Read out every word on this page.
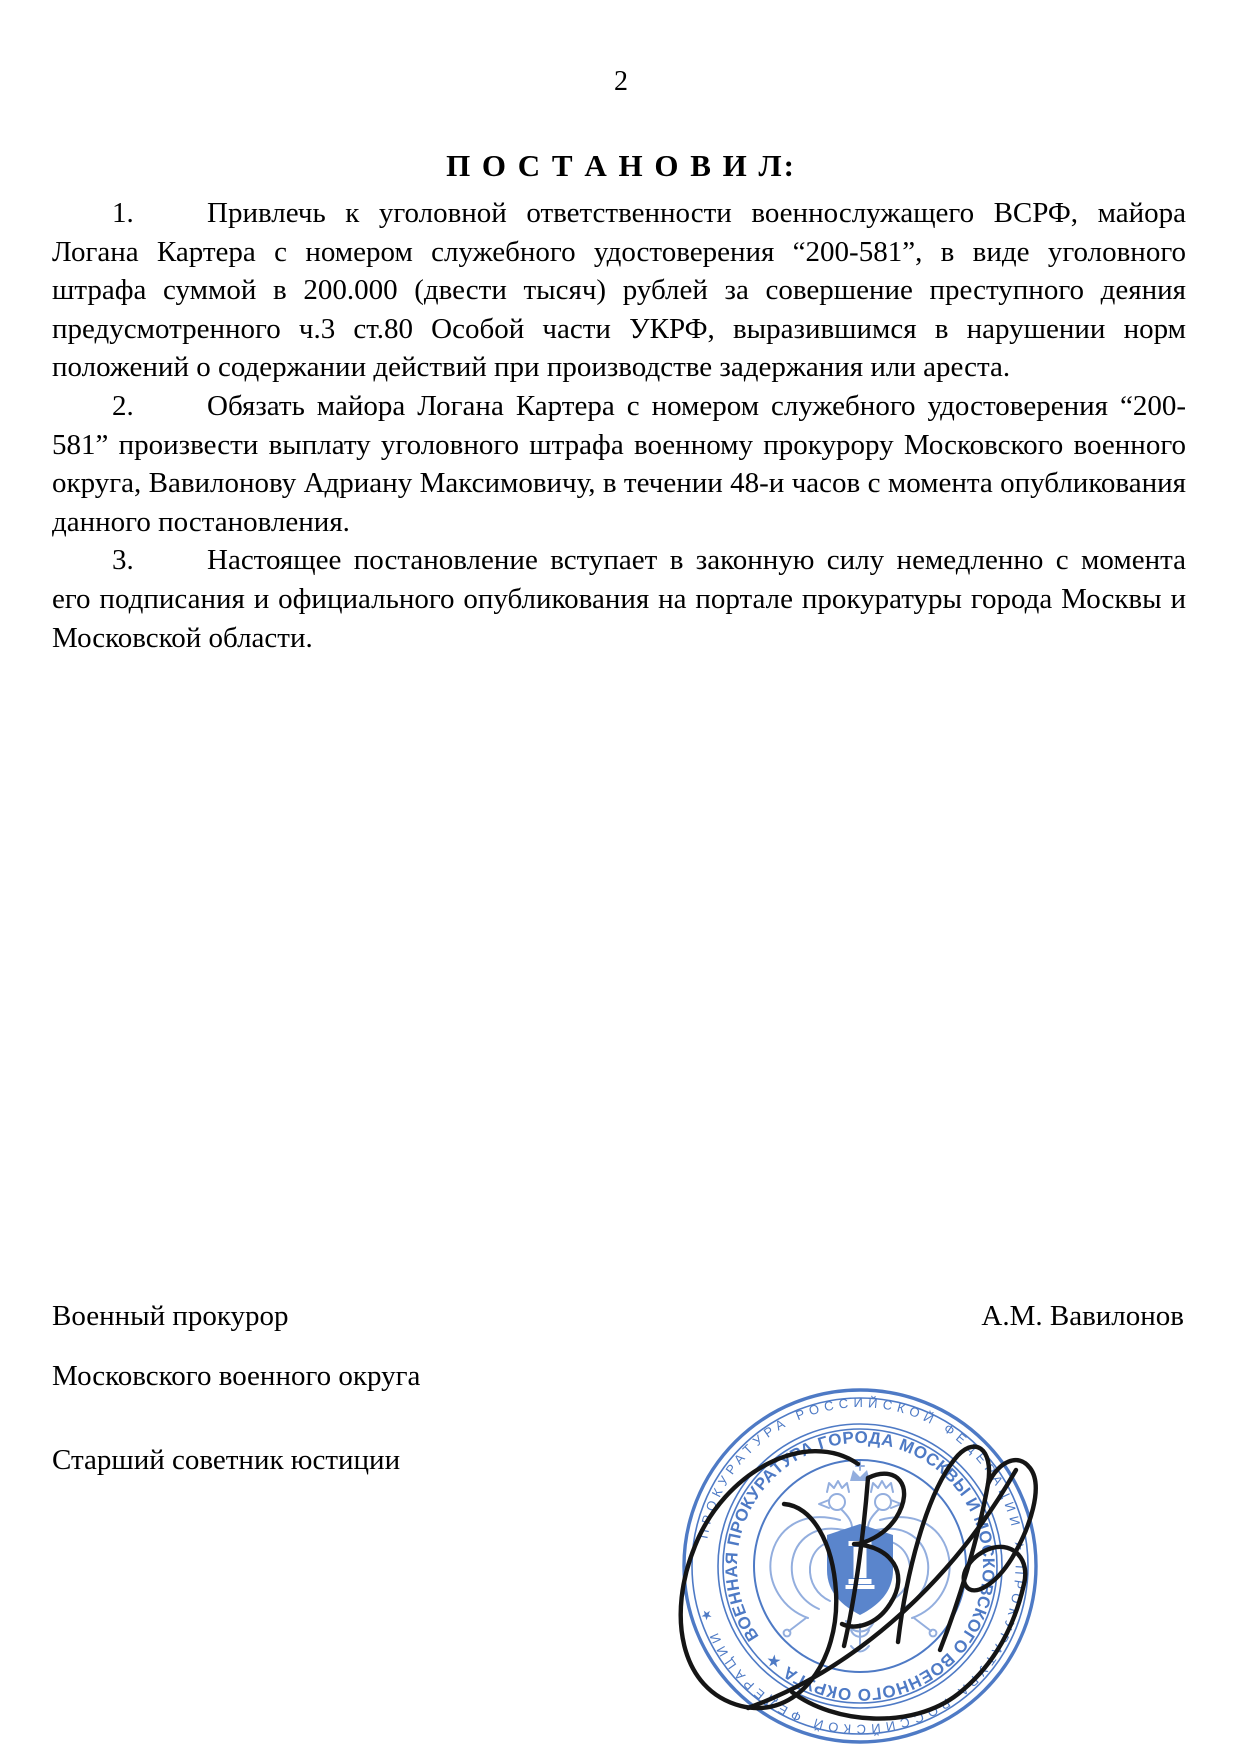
2
П О С Т А Н О В И Л:

1.	Привлечь к уголовной ответственности военнослужащего ВСРФ, майора Логана Картера с номером служебного удостоверения “200-581”, в виде уголовного штрафа суммой в 200.000 (двести тысяч) рублей за совершение преступного деяния предусмотренного ч.3 ст.80 Особой части УКРФ, выразившимся в нарушении норм положений о содержании действий при производстве задержания или ареста.

2.	Обязать майора Логана Картера с номером служебного удостоверения “200-581” произвести выплату уголовного штрафа военному прокурору Московского военного округа, Вавилонову Адриану Максимовичу, в течении 48-и часов с момента опубликования данного постановления.

3.	Настоящее постановление вступает в законную силу немедленно с момента его подписания и официального опубликования на портале прокуратуры города Москвы и Московской области.

Военный прокурор	А.М. Вавилонов
Московского военного округа
Старший советник юстиции
ПРОКУРАТУРА РОССИЙСКОЙ ФЕДЕРАЦИИ ★ ПРОКУРАТУРА РОССИЙСКОЙ ФЕДЕРАЦИИ ★
ВОЕННАЯ ПРОКУРАТУРА ГОРОДА МОСКВЫ И МОСКОВСКОГО ВОЕННОГО ОКРУГА ★
